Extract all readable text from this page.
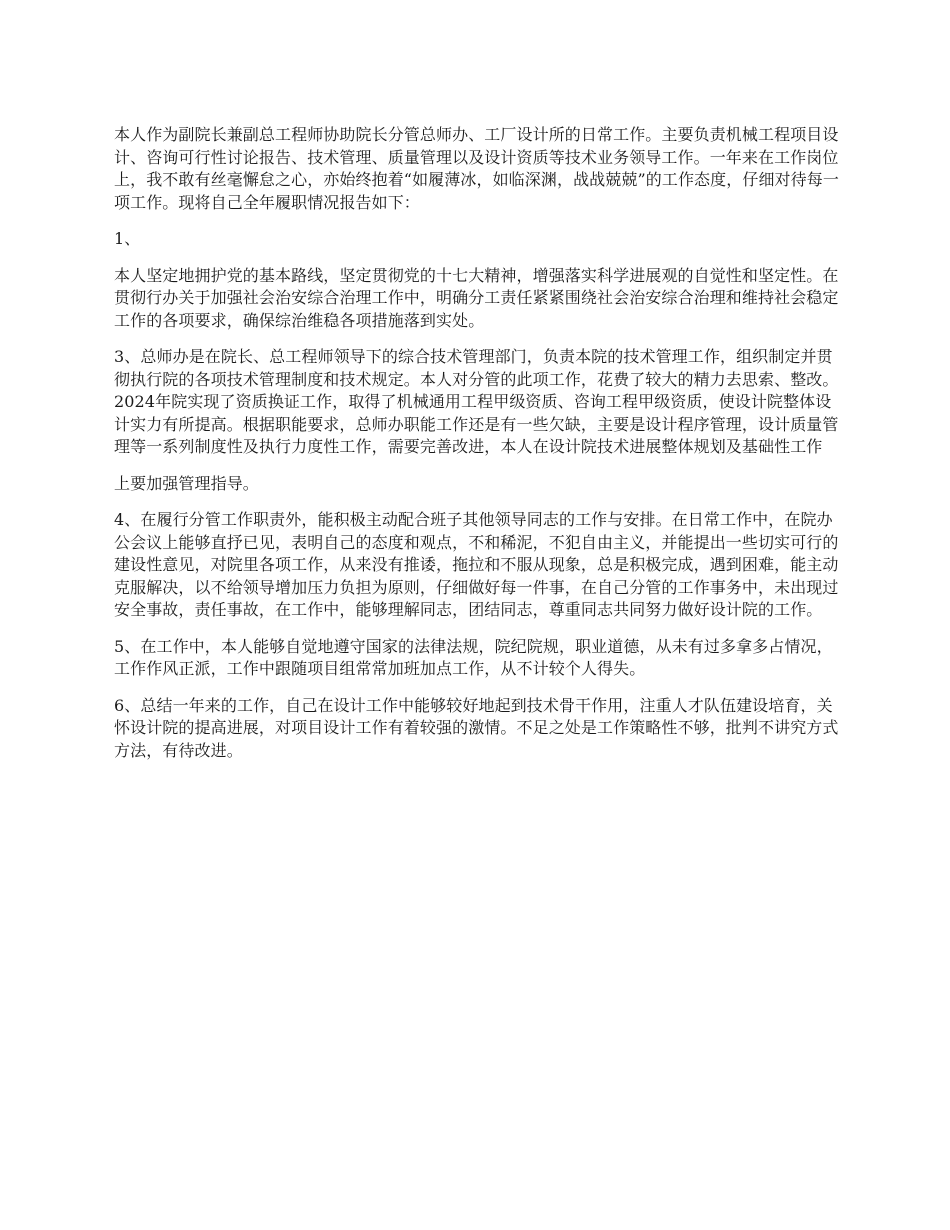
本人作为副院长兼副总工程师协助院长分管总师办、工厂设计所的日常工作。主要负责机械工程项目设计、咨询可行性讨论报告、技术管理、质量管理以及设计资质等技术业务领导工作。一年来在工作岗位上，我不敢有丝毫懈怠之心，亦始终抱着“如履薄冰，如临深渊，战战兢兢”的工作态度，仔细对待每一项工作。现将自己全年履职情况报告如下：

1、

本人坚定地拥护党的基本路线，坚定贯彻党的十七大精神，增强落实科学进展观的自觉性和坚定性。在贯彻行办关于加强社会治安综合治理工作中，明确分工责任紧紧围绕社会治安综合治理和维持社会稳定工作的各项要求，确保综治维稳各项措施落到实处。

3、总师办是在院长、总工程师领导下的综合技术管理部门，负责本院的技术管理工作，组织制定并贯彻执行院的各项技术管理制度和技术规定。本人对分管的此项工作，花费了较大的精力去思索、整改。2024年院实现了资质换证工作，取得了机械通用工程甲级资质、咨询工程甲级资质，使设计院整体设计实力有所提高。根据职能要求，总师办职能工作还是有一些欠缺，主要是设计程序管理，设计质量管理等一系列制度性及执行力度性工作，需要完善改进，本人在设计院技术进展整体规划及基础性工作

上要加强管理指导。

4、在履行分管工作职责外，能积极主动配合班子其他领导同志的工作与安排。在日常工作中，在院办公会议上能够直抒已见，表明自己的态度和观点，不和稀泥，不犯自由主义，并能提出一些切实可行的建设性意见，对院里各项工作，从来没有推诿，拖拉和不服从现象，总是积极完成，遇到困难，能主动克服解决，以不给领导增加压力负担为原则，仔细做好每一件事，在自己分管的工作事务中，未出现过安全事故，责任事故，在工作中，能够理解同志，团结同志，尊重同志共同努力做好设计院的工作。

5、在工作中，本人能够自觉地遵守国家的法律法规，院纪院规，职业道德，从未有过多拿多占情况，工作作风正派，工作中跟随项目组常常加班加点工作，从不计较个人得失。

6、总结一年来的工作，自己在设计工作中能够较好地起到技术骨干作用，注重人才队伍建设培育，关怀设计院的提高进展，对项目设计工作有着较强的激情。不足之处是工作策略性不够，批判不讲究方式方法，有待改进。
